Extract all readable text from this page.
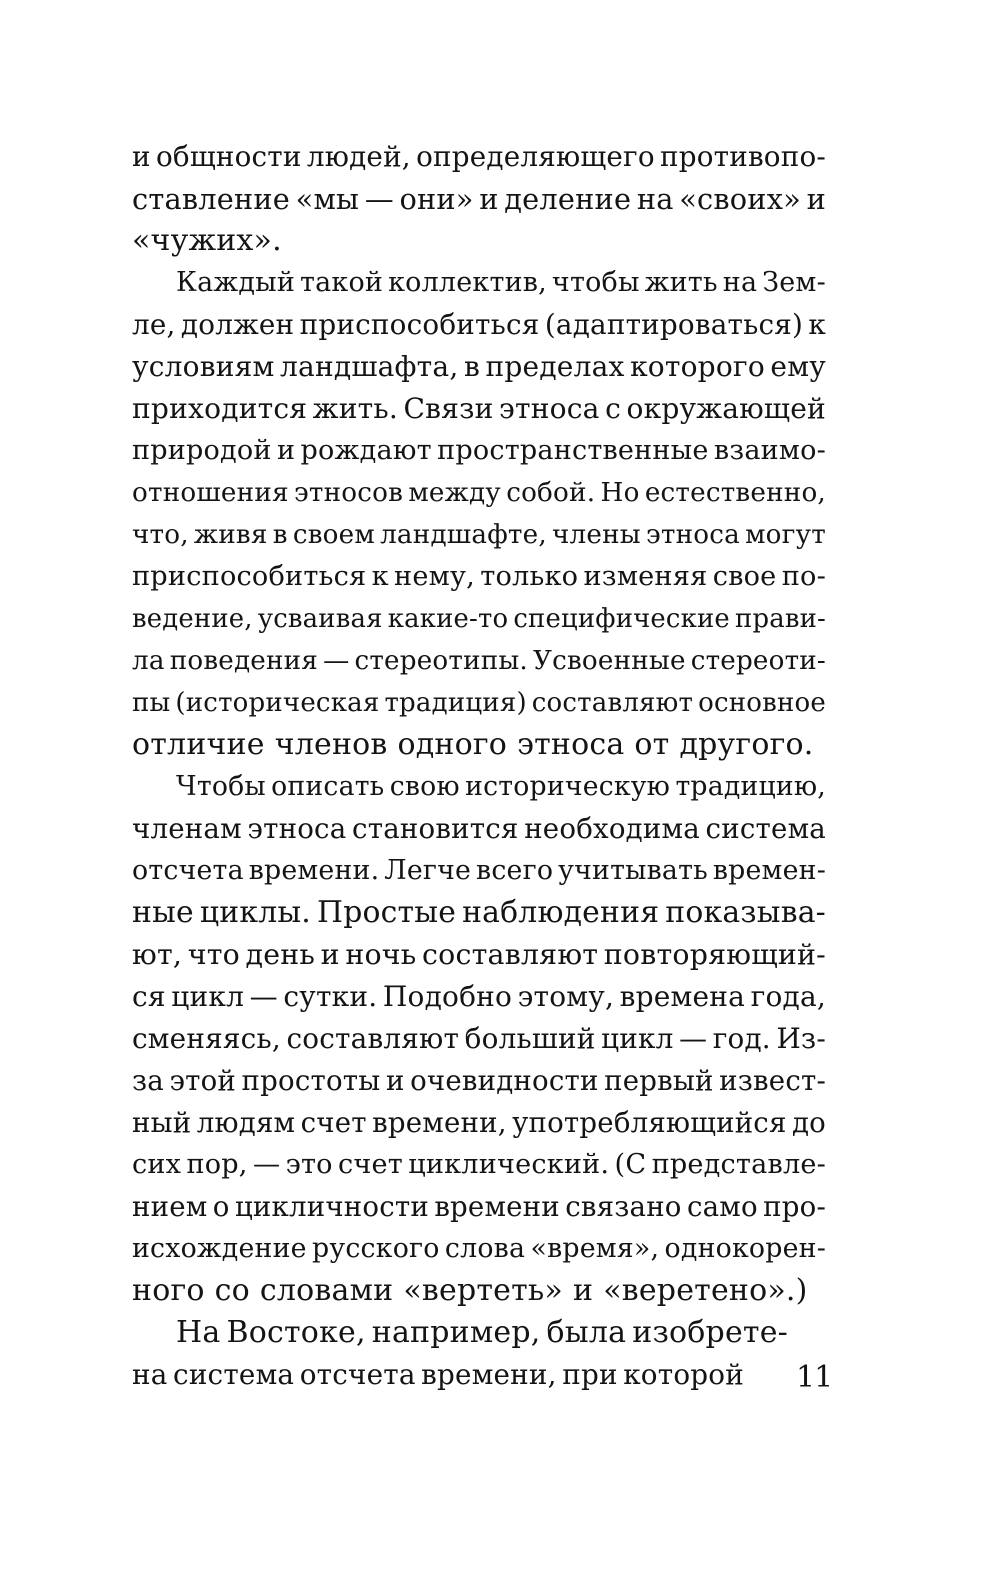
и общности людей, определяющего противопо-
ставление «мы — они» и деление на «своих» и
«чужих».
Каждый такой коллектив, чтобы жить на Зем-
ле, должен приспособиться (адаптироваться) к
условиям ландшафта, в пределах которого ему
приходится жить. Связи этноса с окружающей
природой и рождают пространственные взаимо-
отношения этносов между собой. Но естественно,
что, живя в своем ландшафте, члены этноса могут
приспособиться к нему, только изменяя свое по-
ведение, усваивая какие-то специфические прави-
ла поведения — стереотипы. Усвоенные стереоти-
пы (историческая традиция) составляют основное
отличие членов одного этноса от другого.
Чтобы описать свою историческую традицию,
членам этноса становится необходима система
отсчета времени. Легче всего учитывать времен-
ные циклы. Простые наблюдения показыва-
ют, что день и ночь составляют повторяющий-
ся цикл — сутки. Подобно этому, времена года,
сменяясь, составляют больший цикл — год. Из-
за этой простоты и очевидности первый извест-
ный людям счет времени, употребляющийся до
сих пор, — это счет циклический. (С представле-
нием о цикличности времени связано само про-
исхождение русского слова «время», однокорен-
ного со словами «вертеть» и «веретено».)
На Востоке, например, была изобрете-
на система отсчета времени, при которой 11
